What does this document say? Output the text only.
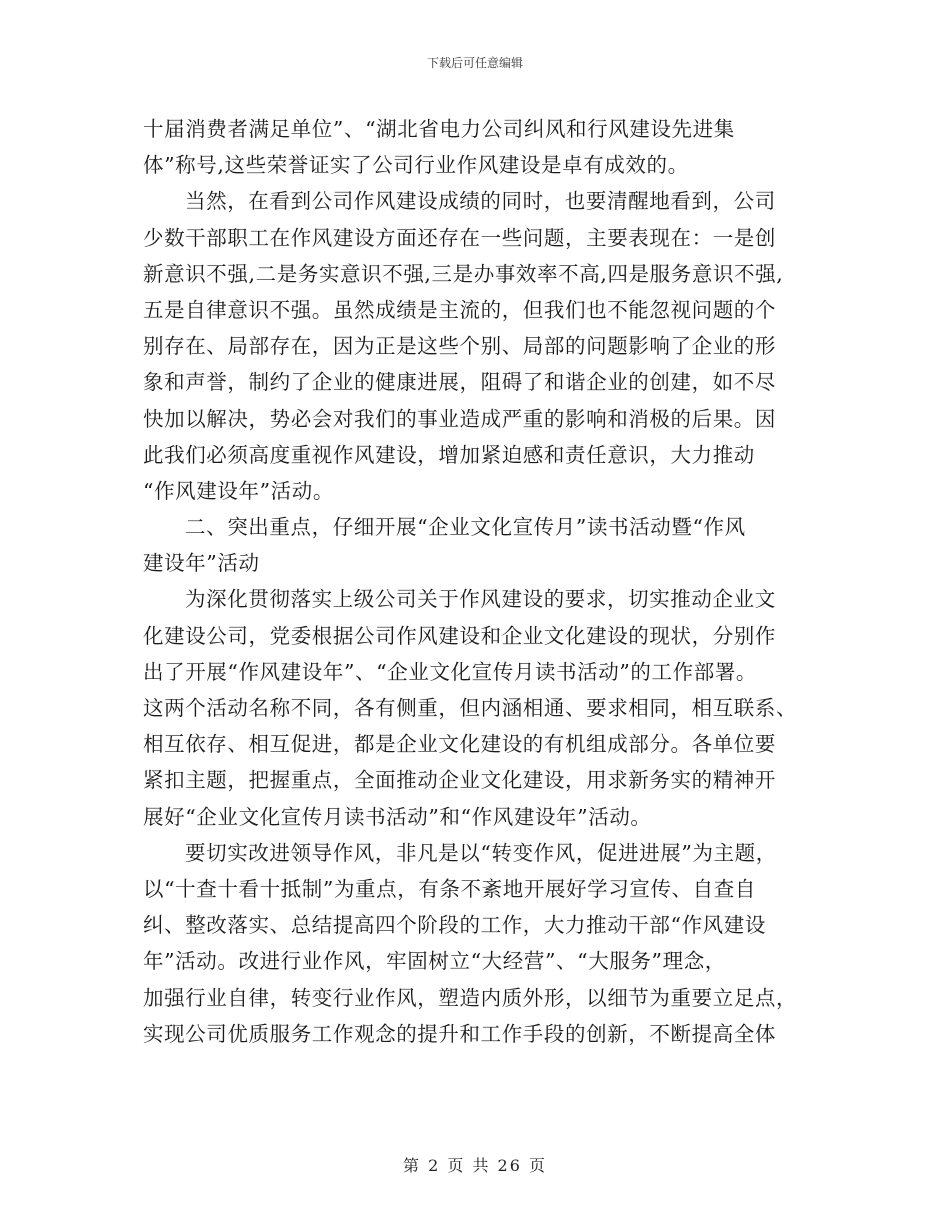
下载后可任意编辑
十届消费者满足单位”、“湖北省电力公司纠风和行风建设先进集
体”称号,这些荣誉证实了公司行业作风建设是卓有成效的。
当然，在看到公司作风建设成绩的同时，也要清醒地看到，公司
少数干部职工在作风建设方面还存在一些问题，主要表现在：一是创
新意识不强,二是务实意识不强,三是办事效率不高,四是服务意识不强,
五是自律意识不强。虽然成绩是主流的，但我们也不能忽视问题的个
别存在、局部存在，因为正是这些个别、局部的问题影响了企业的形
象和声誉，制约了企业的健康进展，阻碍了和谐企业的创建，如不尽
快加以解决，势必会对我们的事业造成严重的影响和消极的后果。因
此我们必须高度重视作风建设，增加紧迫感和责任意识，大力推动
“作风建设年”活动。
二、突出重点，仔细开展“企业文化宣传月”读书活动暨“作风
建设年”活动
为深化贯彻落实上级公司关于作风建设的要求，切实推动企业文
化建设公司，党委根据公司作风建设和企业文化建设的现状，分别作
出了开展“作风建设年”、“企业文化宣传月读书活动”的工作部署。
这两个活动名称不同，各有侧重，但内涵相通、要求相同，相互联系、
相互依存、相互促进，都是企业文化建设的有机组成部分。各单位要
紧扣主题，把握重点，全面推动企业文化建设，用求新务实的精神开
展好“企业文化宣传月读书活动”和“作风建设年”活动。
要切实改进领导作风，非凡是以“转变作风，促进进展”为主题，
以“十查十看十抵制”为重点，有条不紊地开展好学习宣传、自查自
纠、整改落实、总结提高四个阶段的工作，大力推动干部“作风建设
年”活动。改进行业作风，牢固树立“大经营”、“大服务”理念，
加强行业自律，转变行业作风，塑造内质外形，以细节为重要立足点，
实现公司优质服务工作观念的提升和工作手段的创新，不断提高全体
第 2 页 共 26 页
